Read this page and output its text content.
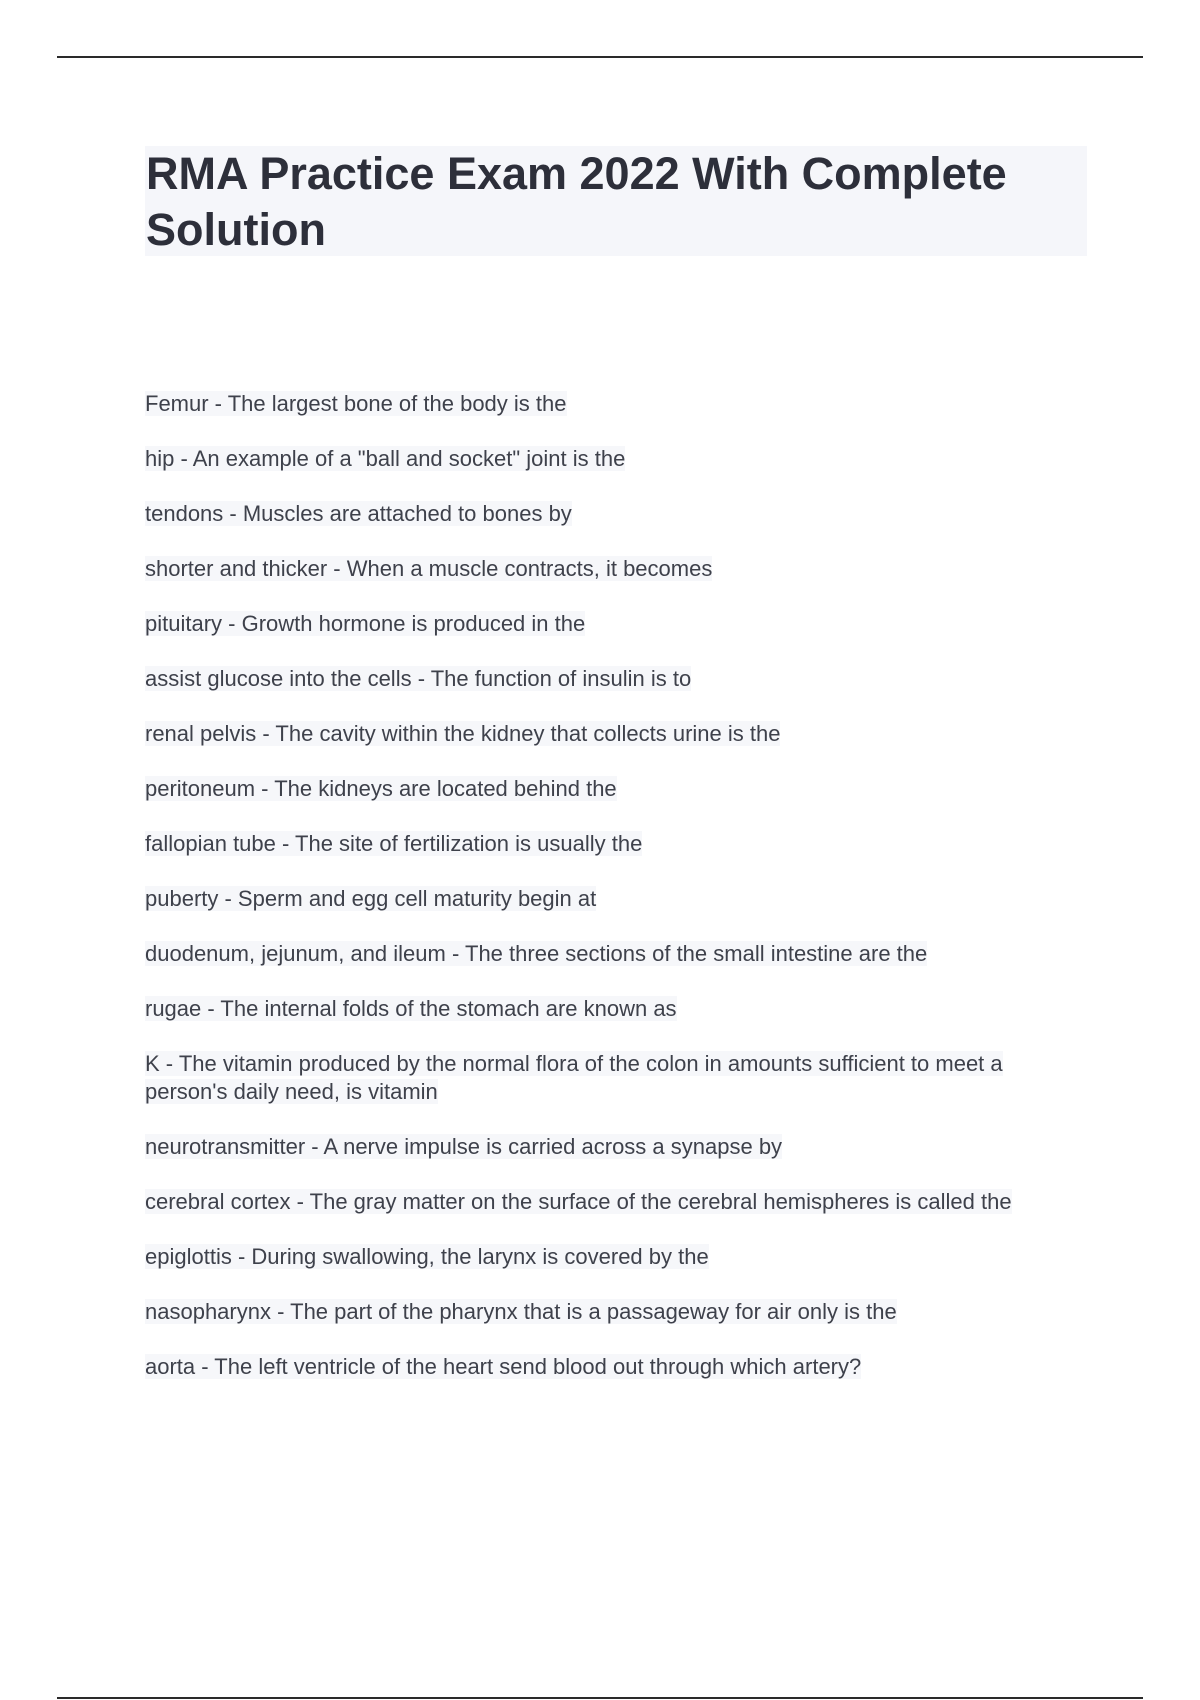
RMA Practice Exam 2022 With Complete Solution
Femur - The largest bone of the body is the
hip - An example of a "ball and socket" joint is the
tendons - Muscles are attached to bones by
shorter and thicker - When a muscle contracts, it becomes
pituitary - Growth hormone is produced in the
assist glucose into the cells - The function of insulin is to
renal pelvis - The cavity within the kidney that collects urine is the
peritoneum - The kidneys are located behind the
fallopian tube - The site of fertilization is usually the
puberty - Sperm and egg cell maturity begin at
duodenum, jejunum, and ileum - The three sections of the small intestine are the
rugae - The internal folds of the stomach are known as
K - The vitamin produced by the normal flora of the colon in amounts sufficient to meet a person's daily need, is vitamin
neurotransmitter - A nerve impulse is carried across a synapse by
cerebral cortex - The gray matter on the surface of the cerebral hemispheres is called the
epiglottis - During swallowing, the larynx is covered by the
nasopharynx - The part of the pharynx that is a passageway for air only is the
aorta - The left ventricle of the heart send blood out through which artery?
